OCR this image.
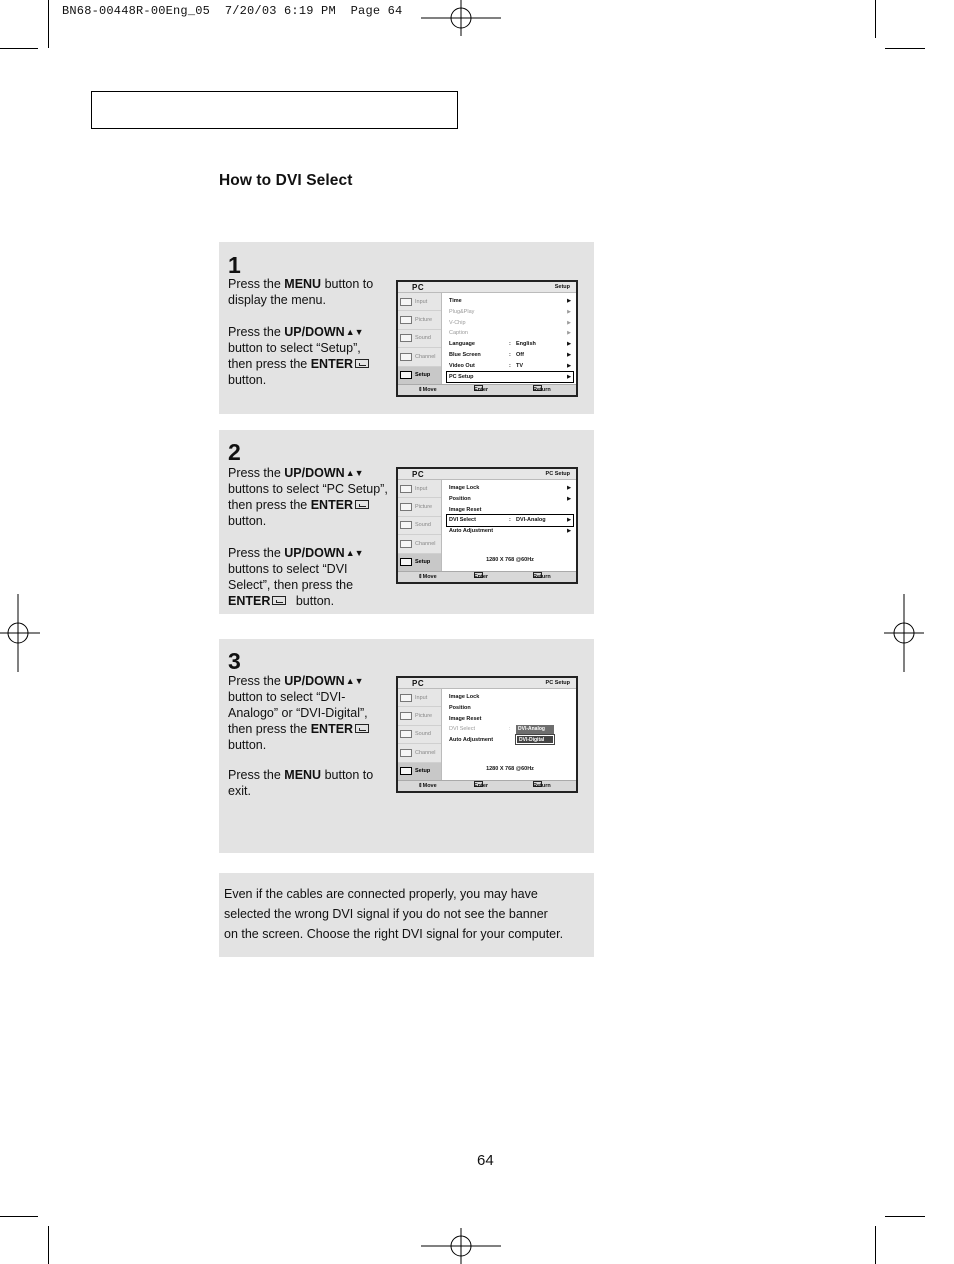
BN68-00448R-00Eng_05  7/20/03 6:19 PM  Page 64
How to DVI Select
1

Press the MENU button to display the menu.

Press the UP/DOWN▲▼ button to select “Setup”, then press the ENTER button.

PC	Setup
Input
Picture
Sound
Channel
Setup
Time	▶
Plug&Play	▶
V-Chip	▶
Caption	▶
Language	: English	▶
Blue Screen	: Off	▶
Video Out	: TV	▶
PC Setup	▶
⇕ Move	Enter	Return
2

Press the UP/DOWN▲▼ buttons to select “PC Setup”, then press the ENTER button.

Press the UP/DOWN▲▼ buttons to select “DVI Select”, then press the ENTER button.

PC	PC Setup
Input
Picture
Sound
Channel
Setup
Image Lock	▶
Position	▶
Image Reset
DVI Select	: DVI-Analog	▶
Auto Adjustment	▶
1280 X 768 @60Hz
⇕ Move	Enter	Return
3

Press the UP/DOWN▲▼ button to select “DVI-Analogo” or “DVI-Digital”, then press the ENTER button.

Press the MENU button to exit.

PC	PC Setup
Input
Picture
Sound
Channel
Setup
Image Lock
Position
Image Reset
DVI Select	:
Auto Adjustment
DVI-Analog
DVI-Digital
1280 X 768 @60Hz
⇕ Move	Enter	Return
Even if the cables are connected properly, you may have
selected the wrong DVI signal if you do not see the banner
on the screen. Choose the right DVI signal for your computer.
64
